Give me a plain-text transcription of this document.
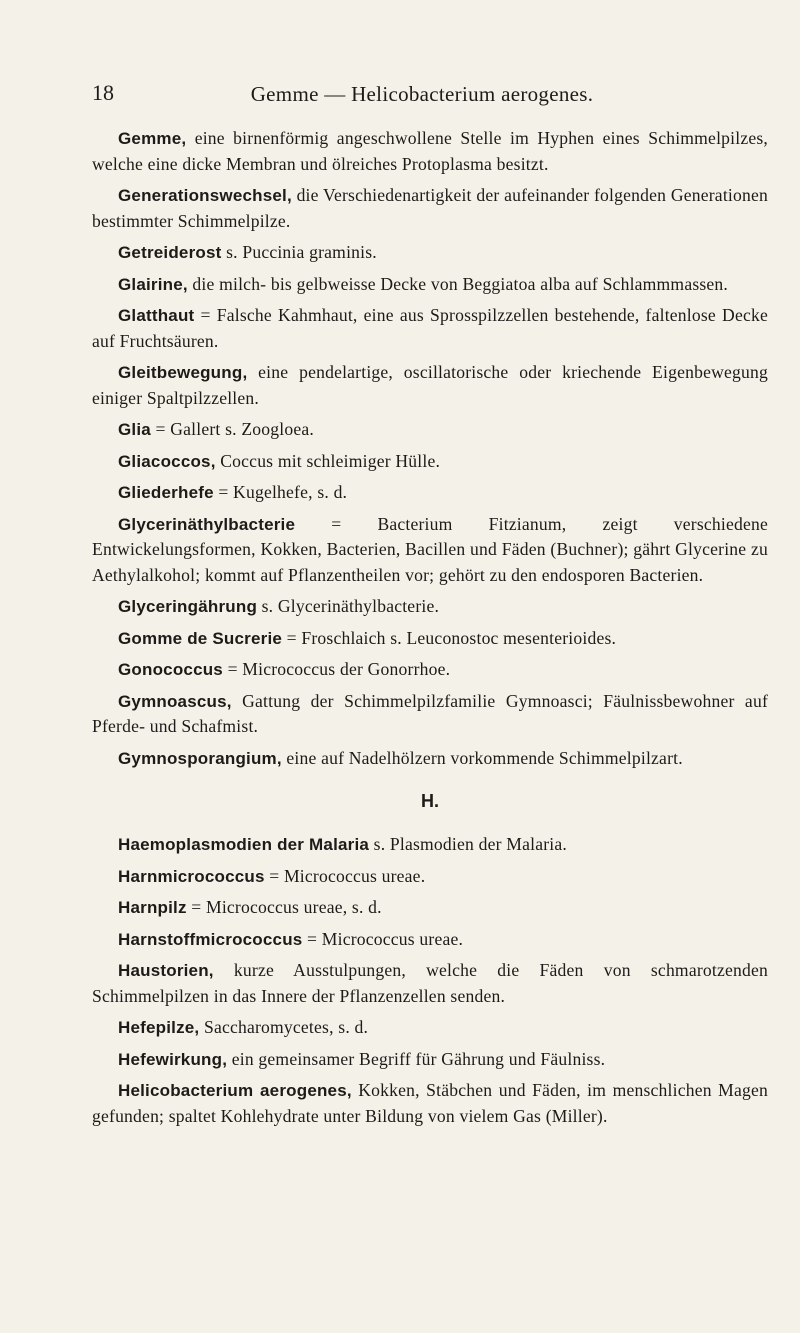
18	Gemme — Helicobacterium aerogenes.

Gemme, eine birnenförmig angeschwollene Stelle im Hyphen eines Schimmelpilzes, welche eine dicke Membran und ölreiches Protoplasma besitzt.

Generationswechsel, die Verschiedenartigkeit der aufeinander folgenden Generationen bestimmter Schimmelpilze.

Getreiderost s. Puccinia graminis.

Glairine, die milch- bis gelbweisse Decke von Beggiatoa alba auf Schlammmassen.

Glatthaut = Falsche Kahmhaut, eine aus Sprosspilzzellen bestehende, faltenlose Decke auf Fruchtsäuren.

Gleitbewegung, eine pendelartige, oscillatorische oder kriechende Eigenbewegung einiger Spaltpilzzellen.

Glia = Gallert s. Zoogloea.

Gliacoccos, Coccus mit schleimiger Hülle.

Gliederhefe = Kugelhefe, s. d.

Glycerinäthylbacterie = Bacterium Fitzianum, zeigt verschiedene Entwickelungsformen, Kokken, Bacterien, Bacillen und Fäden (Buchner); gährt Glycerine zu Aethylalkohol; kommt auf Pflanzentheilen vor; gehört zu den endosporen Bacterien.

Glyceringährung s. Glycerinäthylbacterie.

Gomme de Sucrerie = Froschlaich s. Leuconostoc mesenterioides.

Gonococcus = Micrococcus der Gonorrhoe.

Gymnoascus, Gattung der Schimmelpilzfamilie Gymnoasci; Fäulnissbewohner auf Pferde- und Schafmist.

Gymnosporangium, eine auf Nadelhölzern vorkommende Schimmelpilzart.

H.

Haemoplasmodien der Malaria s. Plasmodien der Malaria.

Harnmicrococcus = Micrococcus ureae.

Harnpilz = Micrococcus ureae, s. d.

Harnstoffmicrococcus = Micrococcus ureae.

Haustorien, kurze Ausstulpungen, welche die Fäden von schmarotzenden Schimmelpilzen in das Innere der Pflanzenzellen senden.

Hefepilze, Saccharomycetes, s. d.

Hefewirkung, ein gemeinsamer Begriff für Gährung und Fäulniss.

Helicobacterium aerogenes, Kokken, Stäbchen und Fäden, im menschlichen Magen gefunden; spaltet Kohlehydrate unter Bildung von vielem Gas (Miller).
